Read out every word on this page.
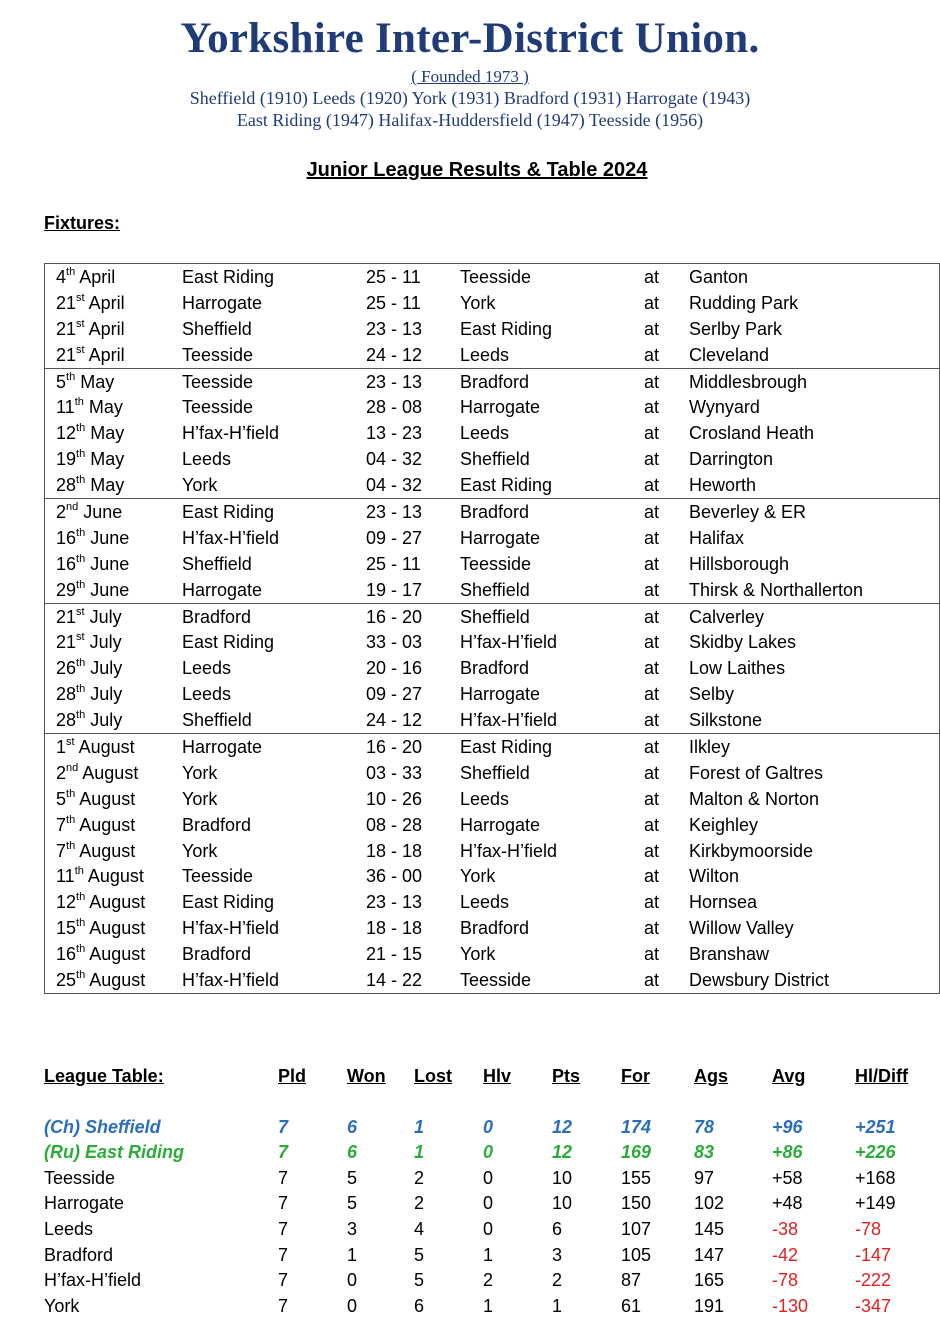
Yorkshire Inter-District Union.
( Founded 1973 )
Sheffield (1910) Leeds (1920) York (1931) Bradford (1931) Harrogate (1943)
East Riding (1947) Halifax-Huddersfield (1947) Teesside (1956)
Junior League Results & Table 2024
Fixtures:
4th April	East Riding	25 - 11 Teesside	at Ganton
21st April	Harrogate	25 - 11 York	at Rudding Park
21st April	Sheffield	23 - 13 East Riding	at Serlby Park
21st April	Teesside	24 - 12 Leeds	at Cleveland
5th May	Teesside	23 - 13 Bradford	at Middlesbrough
11th May	Teesside	28 - 08 Harrogate	at Wynyard
12th May	H’fax-H’field	13 - 23 Leeds	at Crosland Heath
19th May	Leeds	04 - 32 Sheffield	at Darrington
28th May	York	04 - 32 East Riding	at Heworth
2nd June	East Riding	23 - 13 Bradford	at Beverley & ER
16th June	H’fax-H’field	09 - 27 Harrogate	at Halifax
16th June	Sheffield	25 - 11 Teesside	at Hillsborough
29th June	Harrogate	19 - 17 Sheffield	at Thirsk & Northallerton
21st July	Bradford	16 - 20 Sheffield	at Calverley
21st July	East Riding	33 - 03 H’fax-H’field	at Skidby Lakes
26th July	Leeds	20 - 16 Bradford	at Low Laithes
28th July	Leeds	09 - 27 Harrogate	at Selby
28th July	Sheffield	24 - 12 H’fax-H’field	at Silkstone
1st August	Harrogate	16 - 20 East Riding	at Ilkley
2nd August York	03 - 33 Sheffield	at Forest of Galtres
5th August	York	10 - 26 Leeds	at Malton & Norton
7th August	Bradford	08 - 28 Harrogate	at Keighley
7th August	York	18 - 18 H’fax-H’field	at Kirkbymoorside
11th August Teesside	36 - 00 York	at Wilton
12th August East Riding	23 - 13 Leeds	at Hornsea
15th August H’fax-H’field	18 - 18 Bradford	at Willow Valley
16th August Bradford	21 - 15 York	at Branshaw
25th August H’fax-H’field	14 - 22 Teesside	at Dewsbury District
League Table:	Pld Won Lost Hlv Pts For Ags Avg	Hl/Diff
(Ch) Sheffield	7	6	1	0	12	174 78	+96	+251
(Ru) East Riding	7	6	1	0	12	169 83	+86	+226
Teesside	7	5	2	0	10	155 97	+58	+168
Harrogate	7	5	2	0	10	150 102	+48	+149
Leeds	7	3	4	0	6	107 145	-38	-78
Bradford	7	1	5	1	3	105 147	-42	-147
H’fax-H’field	7	0	5	2	2	87	165	-78	-222
York	7	0	6	1	1	61	191	-130	-347
